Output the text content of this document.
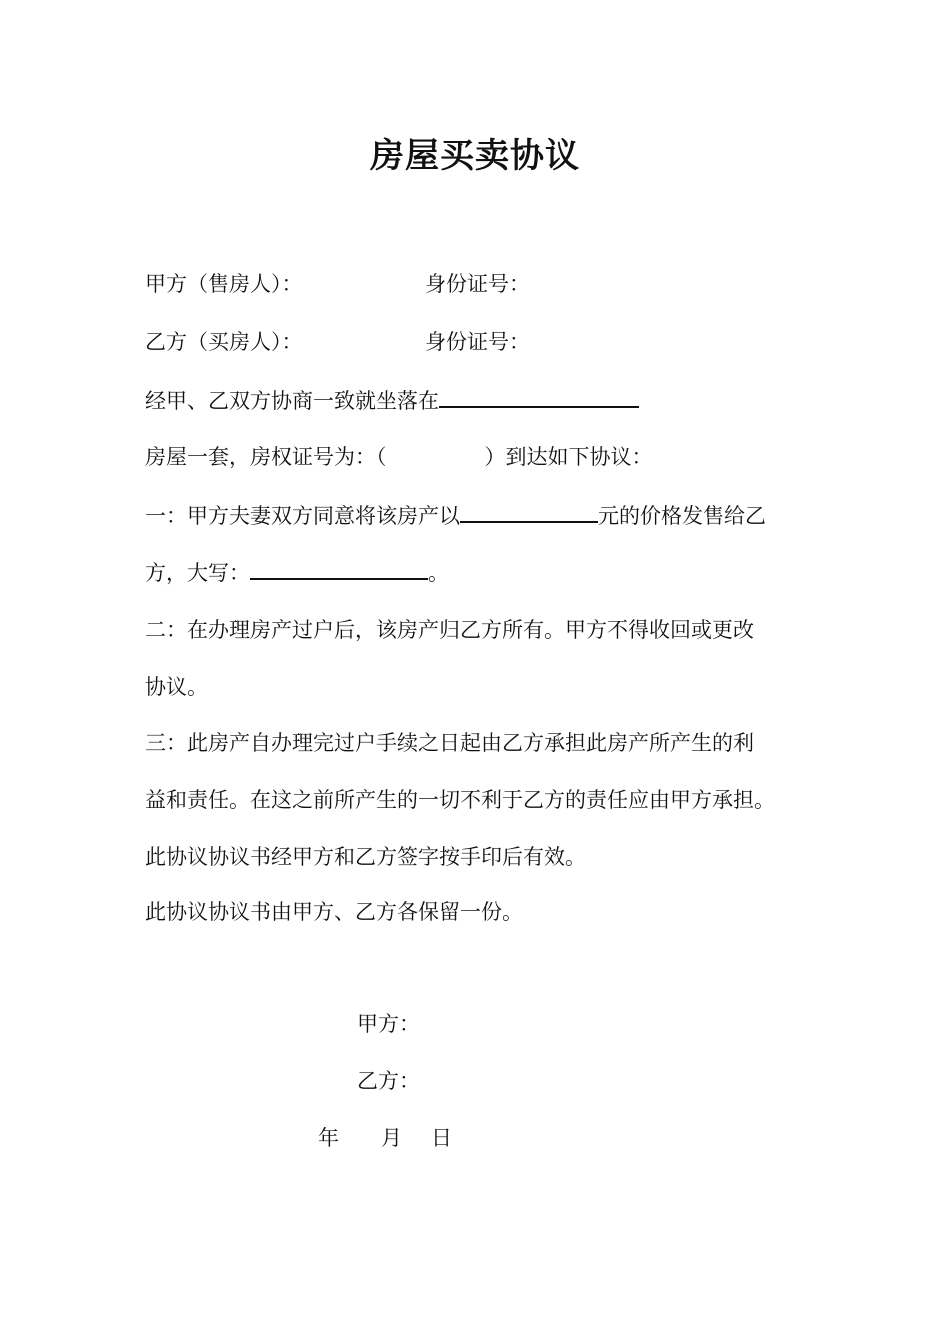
房屋买卖协议
甲方（售房人）：	身份证号：
乙方（买房人）：	身份证号：
经甲、乙双方协商一致就坐落在
房屋一套，房权证号为：（	）到达如下协议：
一：甲方夫妻双方同意将该房产以	元的价格发售给乙
方，大写：	。
二：在办理房产过户后，该房产归乙方所有。甲方不得收回或更改
协议。
三：此房产自办理完过户手续之日起由乙方承担此房产所产生的利
益和责任。在这之前所产生的一切不利于乙方的责任应由甲方承担。
此协议协议书经甲方和乙方签字按手印后有效。
此协议协议书由甲方、乙方各保留一份。
甲方：
乙方：
年 月 日
